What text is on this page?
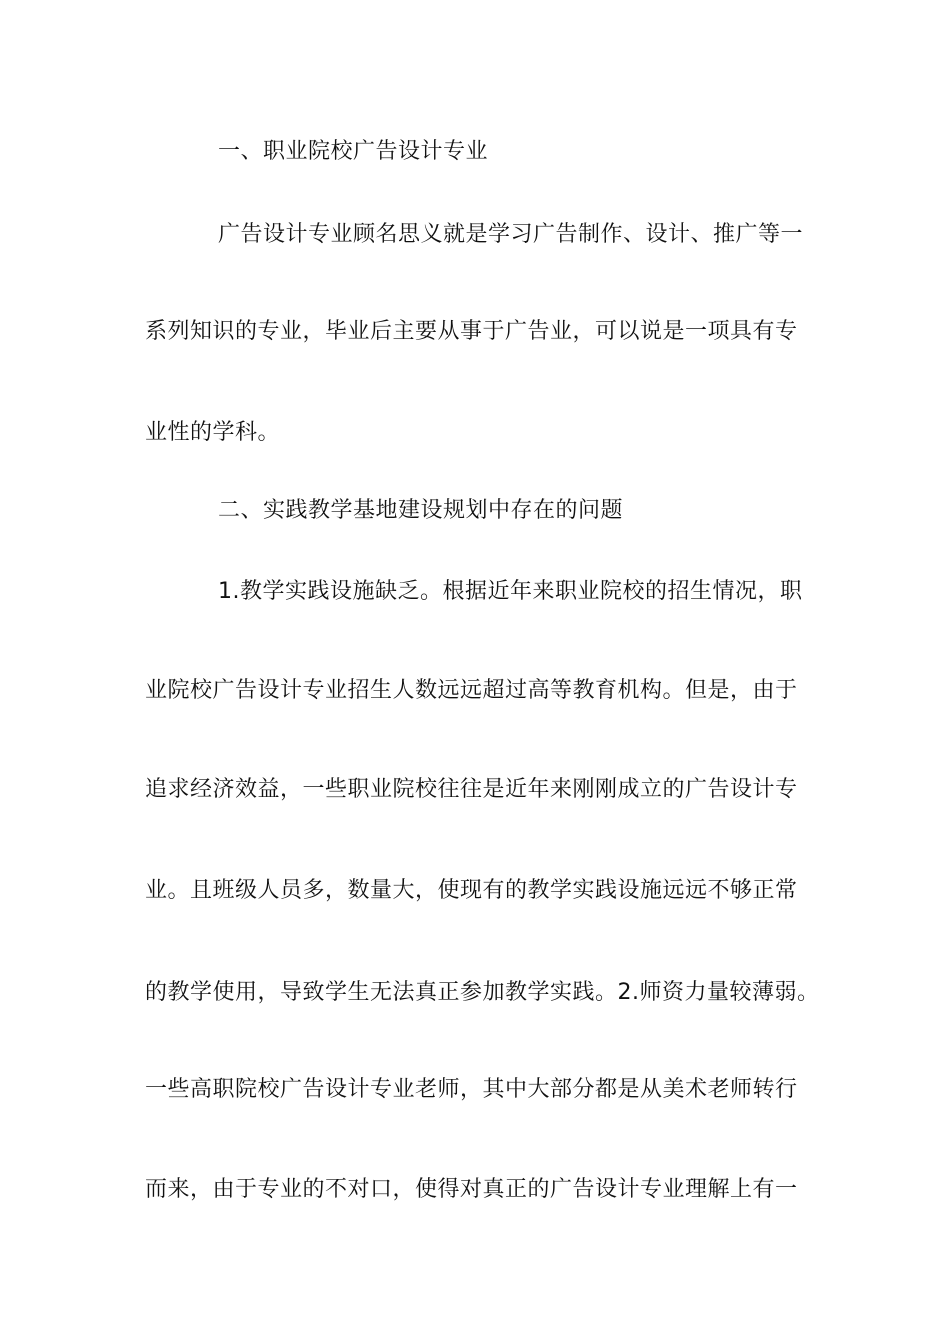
一、职业院校广告设计专业
广告设计专业顾名思义就是学习广告制作、设计、推广等一
系列知识的专业，毕业后主要从事于广告业，可以说是一项具有专
业性的学科。
二、实践教学基地建设规划中存在的问题
1.教学实践设施缺乏。根据近年来职业院校的招生情况，职
业院校广告设计专业招生人数远远超过高等教育机构。但是，由于
追求经济效益，一些职业院校往往是近年来刚刚成立的广告设计专
业。且班级人员多，数量大，使现有的教学实践设施远远不够正常
的教学使用，导致学生无法真正参加教学实践。2.师资力量较薄弱。
一些高职院校广告设计专业老师，其中大部分都是从美术老师转行
而来，由于专业的不对口，使得对真正的广告设计专业理解上有一
